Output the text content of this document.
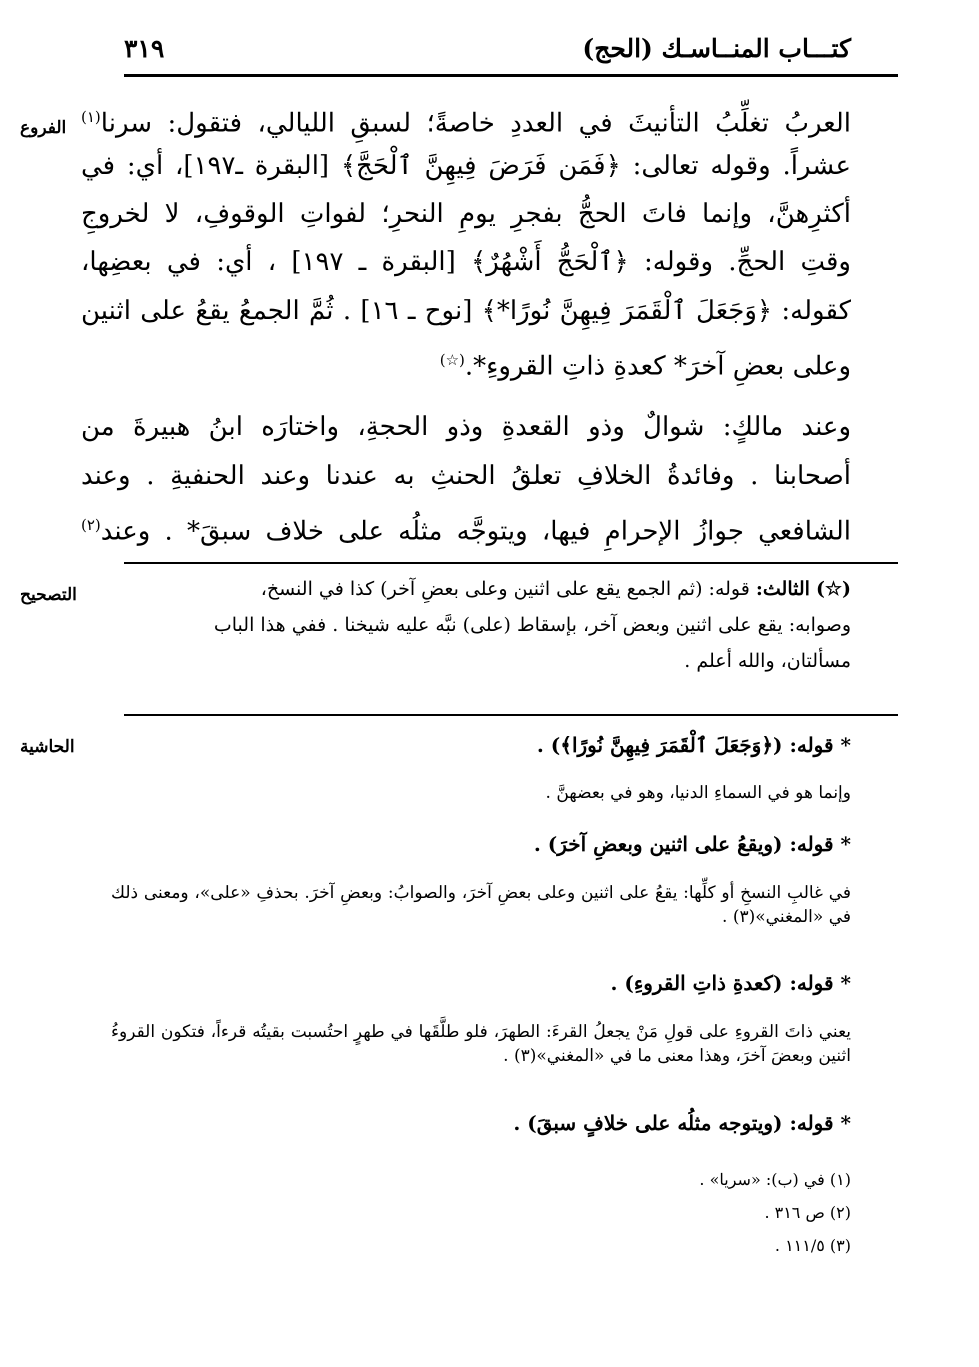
كتـــاب المنــاسـك (الحج)
٣١٩
الفروع
التصحيح
الحاشية
العربُ تغلِّبُ التأنيثَ في العددِ خاصةً؛ لسبقِ الليالي، فتقول: سرنا$^{(١)}$
عشراً. وقوله تعالى: ﴿فَمَن فَرَضَ فِيهِنَّ ٱلْحَجَّ﴾ [البقرة ـ١٩٧]، أي: في
أكثرِهنَّ، وإنما فاتَ الحجُّ بفجرِ يومِ النحرِ؛ لفواتِ الوقوفِ، لا لخروجِ
وقتِ الحجِّ. وقوله: ﴿ٱلْحَجُّ أَشْهُرٌ﴾ [البقرة ـ ١٩٧] ، أي: في بعضِها،
كقوله: ﴿وَجَعَلَ ٱلْقَمَرَ فِيهِنَّ نُورًا*﴾ [نوح ـ ١٦] . ثُمَّ الجمعُ يقعُ على اثنين
وعلى بعضِ آخرَ* كعدةِ ذاتِ القروءِ*.(☆)
وعند مالكٍ: شوالٌ وذو القعدةِ وذو الحجةِ، واختارَه ابنُ هبيرةَ من
أصحابنا . وفائدةُ الخلافِ تعلقُ الحنثِ به عندنا وعند الحنفيةِ . وعند
الشافعي جوازُ الإحرامِ فيها، ويتوجَّه مثلُه على خلاف سبقَ* . وعند$^{(٢)}$

(☆) الثالث: قوله: (ثم الجمع يقع على اثنين وعلى بعضِ آخر) كذا في النسخ،

وصوابه: يقع على اثنين وبعض آخر، بإسقاط (على) نبَّه عليه شيخنا . ففي هذا الباب

مسألتان، والله أعلم .

* قوله: (﴿وَجَعَلَ ٱلْقَمَرَ فِيهِنَّ نُورًا﴾) .
وإنما هو في السماءِ الدنيا، وهو في بعضهنَّ .
* قوله: (ويقعُ على اثنين وبعضِ آخرَ) .
في غالبِ النسخِ أو كلِّها: يقعُ على اثنين وعلى بعضِ آخرَ، والصوابُ: وبعضِ آخرَ. بحذفِ «على»، ومعنى ذلك في «المغني»(٣) .
* قوله: (كعدةِ ذاتِ القروءِ) .
يعني ذاتَ القروءِ على قولِ مَنْ يجعلُ القرءَ: الطهرَ، فلو طلَّقَها في طهرٍ احتُسبت بقيتُه قرءاً، فتكون القروءُ اثنين وبعضَ آخرَ، وهذا معنى ما في «المغني»(٣) .
* قوله: (ويتوجه مثلُه على خلافٍ سبقَ) .
(١) في (ب): «سريا» .
(٢) ص ٣١٦ .
(٣) ١١١/٥ .
